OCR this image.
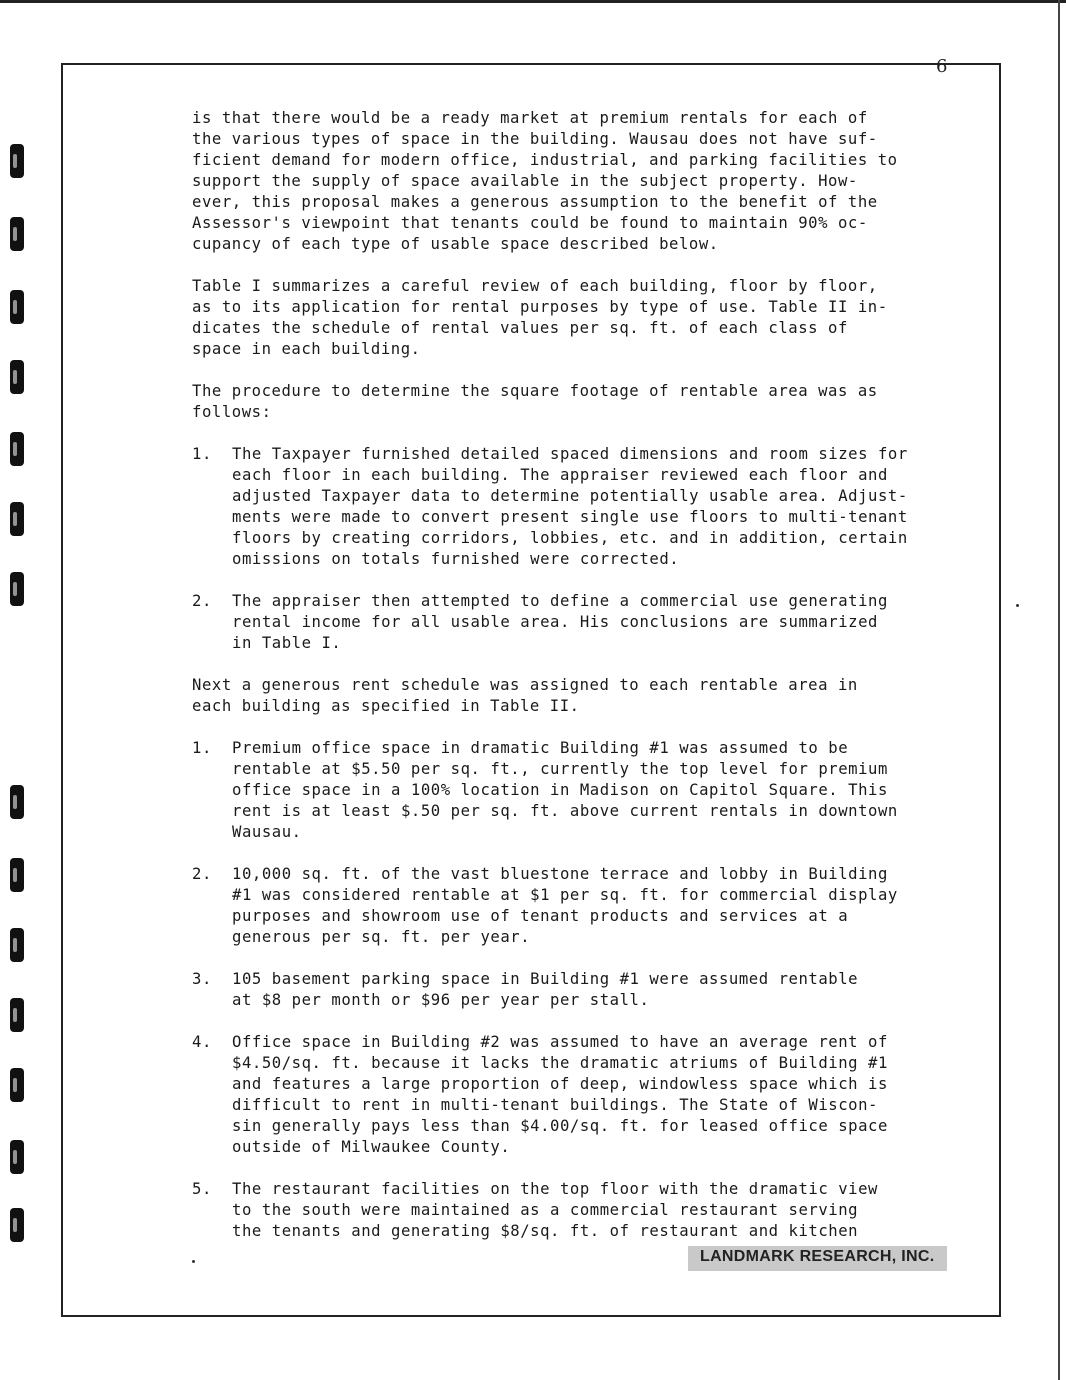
6

is that there would be a ready market at premium rentals for each of
the various types of space in the building. Wausau does not have suf-
ficient demand for modern office, industrial, and parking facilities to
support the supply of space available in the subject property. How-
ever, this proposal makes a generous assumption to the benefit of the
Assessor's viewpoint that tenants could be found to maintain 90% oc-
cupancy of each type of usable space described below.

Table I summarizes a careful review of each building, floor by floor,
as to its application for rental purposes by type of use. Table II in-
dicates the schedule of rental values per sq. ft. of each class of
space in each building.

The procedure to determine the square footage of rentable area was as
follows:

1.	The Taxpayer furnished detailed spaced dimensions and room sizes for
each floor in each building. The appraiser reviewed each floor and
adjusted Taxpayer data to determine potentially usable area. Adjust-
ments were made to convert present single use floors to multi-tenant
floors by creating corridors, lobbies, etc. and in addition, certain
omissions on totals furnished were corrected.
2.	The appraiser then attempted to define a commercial use generating
rental income for all usable area. His conclusions are summarized
in Table I.

Next a generous rent schedule was assigned to each rentable area in
each building as specified in Table II.

1.	Premium office space in dramatic Building #1 was assumed to be
rentable at $5.50 per sq. ft., currently the top level for premium
office space in a 100% location in Madison on Capitol Square. This
rent is at least $.50 per sq. ft. above current rentals in downtown
Wausau.
2.	10,000 sq. ft. of the vast bluestone terrace and lobby in Building
#1 was considered rentable at $1 per sq. ft. for commercial display
purposes and showroom use of tenant products and services at a
generous per sq. ft. per year.
3.	105 basement parking space in Building #1 were assumed rentable
at $8 per month or $96 per year per stall.
4.	Office space in Building #2 was assumed to have an average rent of
$4.50/sq. ft. because it lacks the dramatic atriums of Building #1
and features a large proportion of deep, windowless space which is
difficult to rent in multi-tenant buildings. The State of Wiscon-
sin generally pays less than $4.00/sq. ft. for leased office space
outside of Milwaukee County.
5.	The restaurant facilities on the top floor with the dramatic view
to the south were maintained as a commercial restaurant serving
the tenants and generating $8/sq. ft. of restaurant and kitchen
LANDMARK RESEARCH, INC.
